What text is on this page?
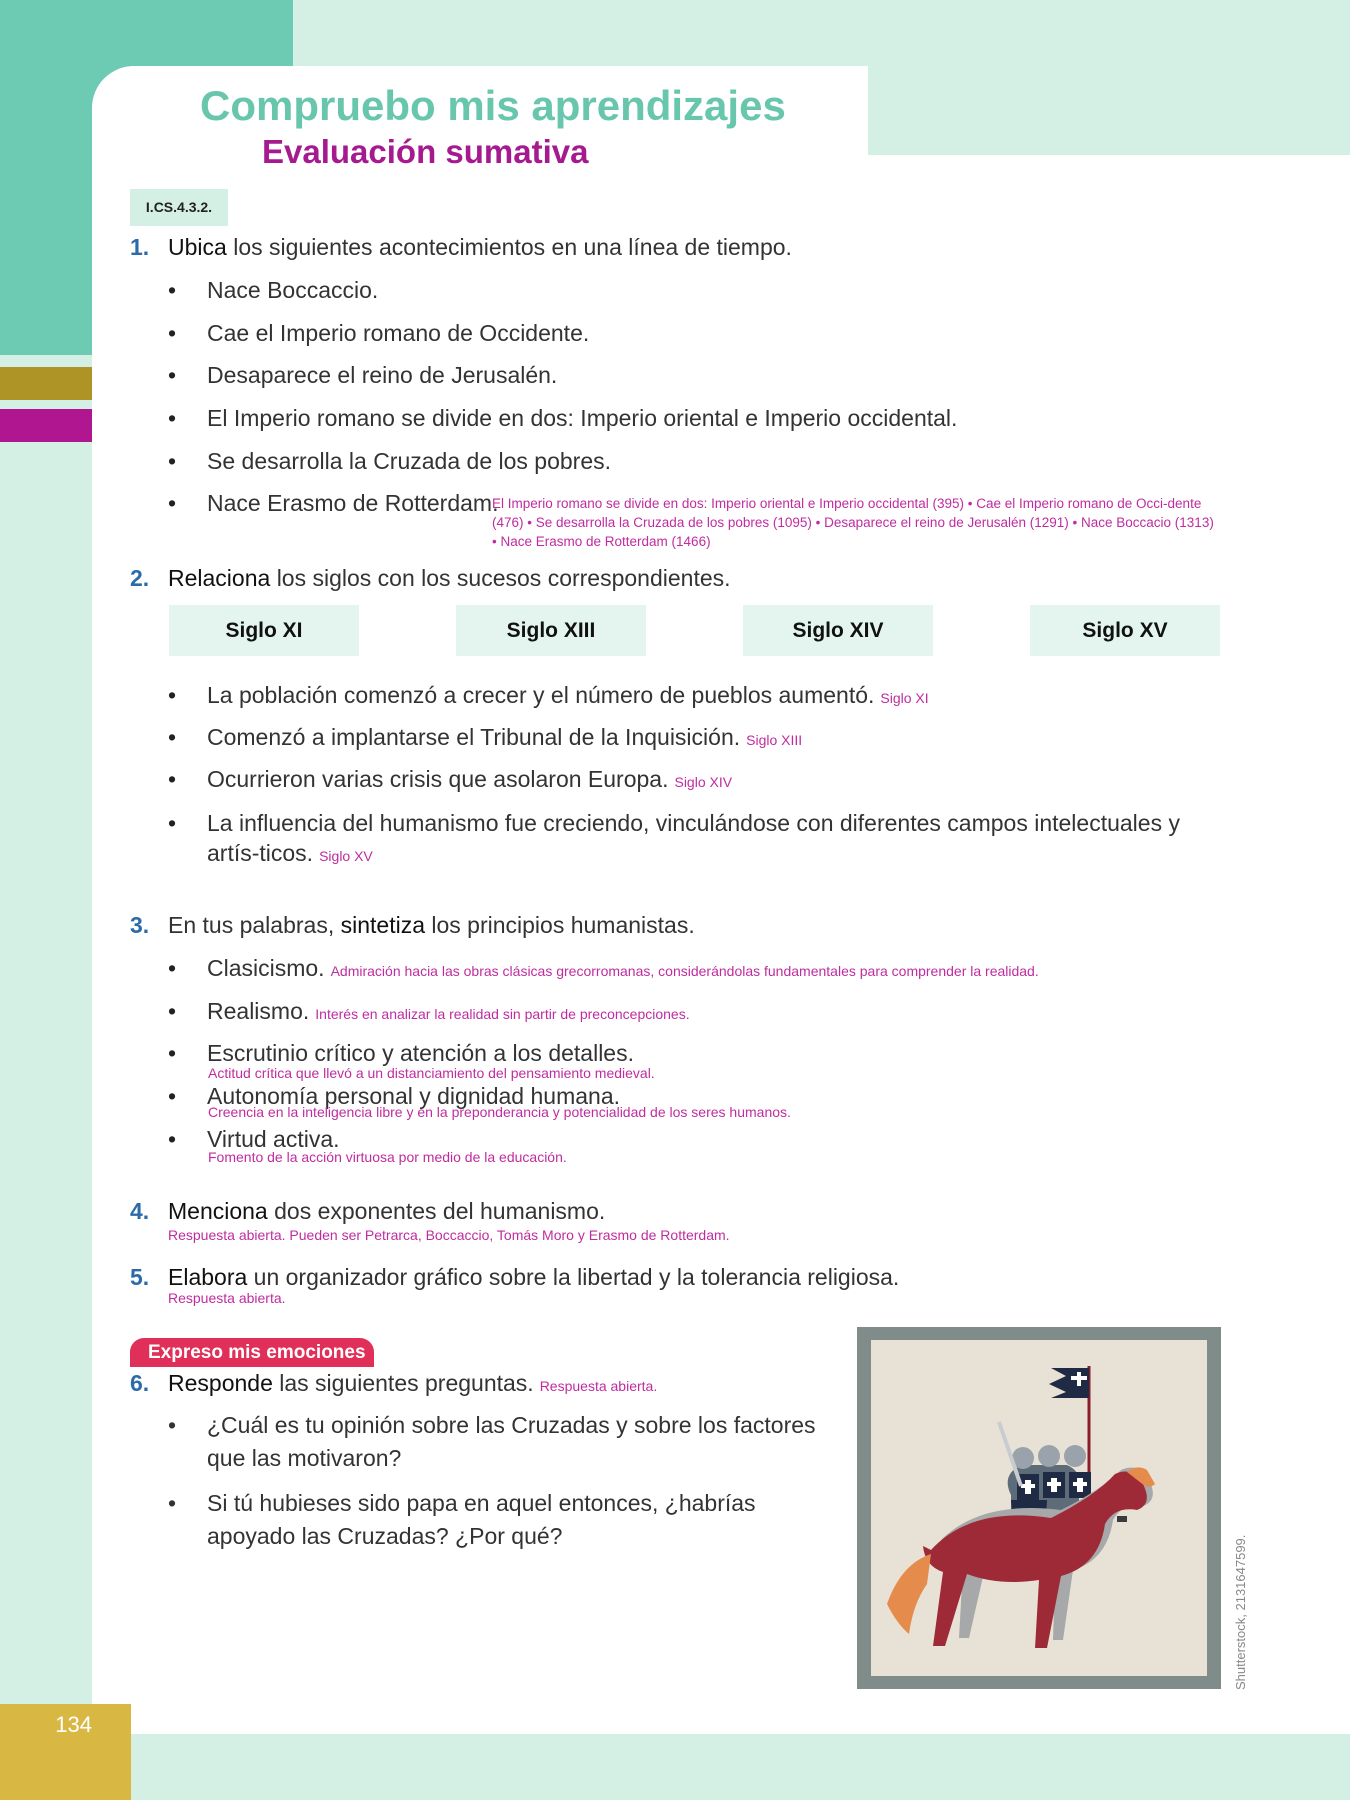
134
Compruebo mis aprendizajes
Evaluación sumativa
I.CS.4.3.2.
1. Ubica los siguientes acontecimientos en una línea de tiempo.
• Nace Boccaccio.
• Cae el Imperio romano de Occidente.
• Desaparece el reino de Jerusalén.
• El Imperio romano se divide en dos: Imperio oriental e Imperio occidental.
• Se desarrolla la Cruzada de los pobres.
• Nace Erasmo de Rotterdam.
El Imperio romano se divide en dos: Imperio oriental e Imperio occidental (395) • Cae el Imperio romano de Occi-dente (476) • Se desarrolla la Cruzada de los pobres (1095) • Desaparece el reino de Jerusalén (1291) • Nace Boccacio (1313) • Nace Erasmo de Rotterdam (1466)
2. Relaciona los siglos con los sucesos correspondientes.
Siglo XI	Siglo XIII	Siglo XIV	Siglo XV
• La población comenzó a crecer y el número de pueblos aumentó. Siglo XI
• Comenzó a implantarse el Tribunal de la Inquisición. Siglo XIII
• Ocurrieron varias crisis que asolaron Europa. Siglo XIV
•	La influencia del humanismo fue creciendo, vinculándose con diferentes campos intelectuales y artís-ticos. Siglo XV
3. En tus palabras, sintetiza los principios humanistas.
• Clasicismo. Admiración hacia las obras clásicas grecorromanas, considerándolas fundamentales para comprender la realidad.
• Realismo. Interés en analizar la realidad sin partir de preconcepciones.
• Escrutinio crítico y atención a los detalles.
Actitud crítica que llevó a un distanciamiento del pensamiento medieval.
• Autonomía personal y dignidad humana.
Creencia en la inteligencia libre y en la preponderancia y potencialidad de los seres humanos.
• Virtud activa.
Fomento de la acción virtuosa por medio de la educación.
4. Menciona dos exponentes del humanismo.
Respuesta abierta. Pueden ser Petrarca, Boccaccio, Tomás Moro y Erasmo de Rotterdam.
5. Elabora un organizador gráfico sobre la libertad y la tolerancia religiosa.
Respuesta abierta.
Expreso mis emociones
6. Responde las siguientes preguntas. Respuesta abierta.
•	¿Cuál es tu opinión sobre las Cruzadas y sobre los factores que las motivaron?
•	Si tú hubieses sido papa en aquel entonces, ¿habrías apoyado las Cruzadas? ¿Por qué?	Shutterstock, 2131647599.
